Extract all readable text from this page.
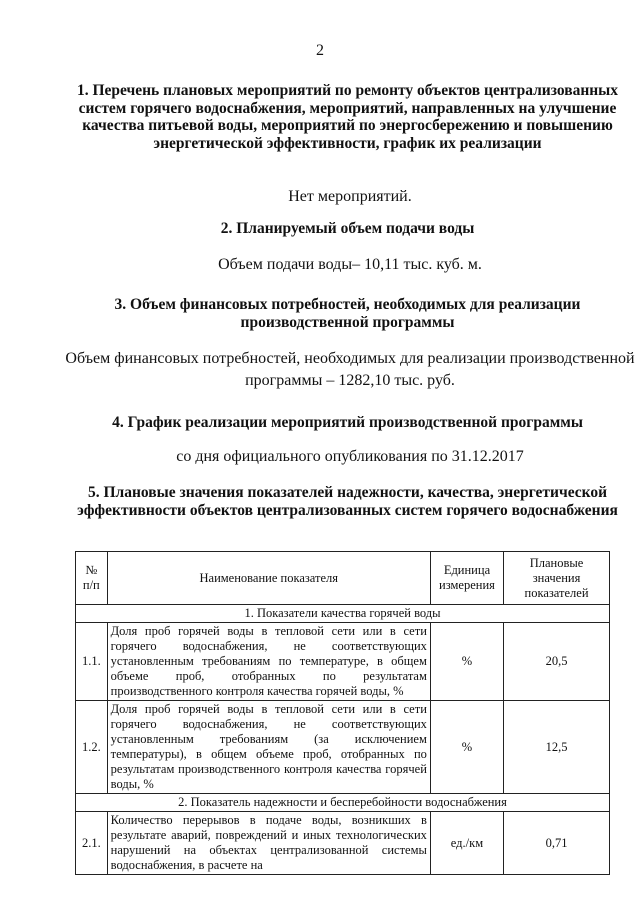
2

1. Перечень плановых мероприятий по ремонту объектов централизованных систем горячего водоснабжения, мероприятий, направленных на улучшение качества питьевой воды, мероприятий по энергосбережению и повышению энергетической эффективности, график их реализации

Нет мероприятий.

2. Планируемый объем подачи воды

Объем подачи воды– 10,11 тыс. куб. м.

3. Объем финансовых потребностей, необходимых для реализации производственной программы

Объем финансовых потребностей, необходимых для реализации производственной программы – 1282,10 тыс. руб.

4. График реализации мероприятий производственной программы

со дня официального опубликования по 31.12.2017

5. Плановые значения показателей надежности, качества, энергетической эффективности объектов централизованных систем горячего водоснабжения

№ п/п	Наименование показателя	Единица измерения	Плановые значения показателей
1. Показатели качества горячей воды			
1.1.	Доля проб горячей воды в тепловой сети или в сети горячего водоснабжения, не соответствующих установленным требованиям по температуре, в общем объеме проб, отобранных по результатам производственного контроля качества горячей воды, %	%	20,5
1.2.	Доля проб горячей воды в тепловой сети или в сети горячего водоснабжения, не соответствующих установленным требованиям (за исключением температуры), в общем объеме проб, отобранных по результатам производственного контроля качества горячей воды, %	%	12,5
2. Показатель надежности и бесперебойности водоснабжения			
2.1.	Количество перерывов в подаче воды, возникших в результате аварий, повреждений и иных технологических нарушений на объектах централизованной системы водоснабжения, в расчете на	ед./км	0,71
